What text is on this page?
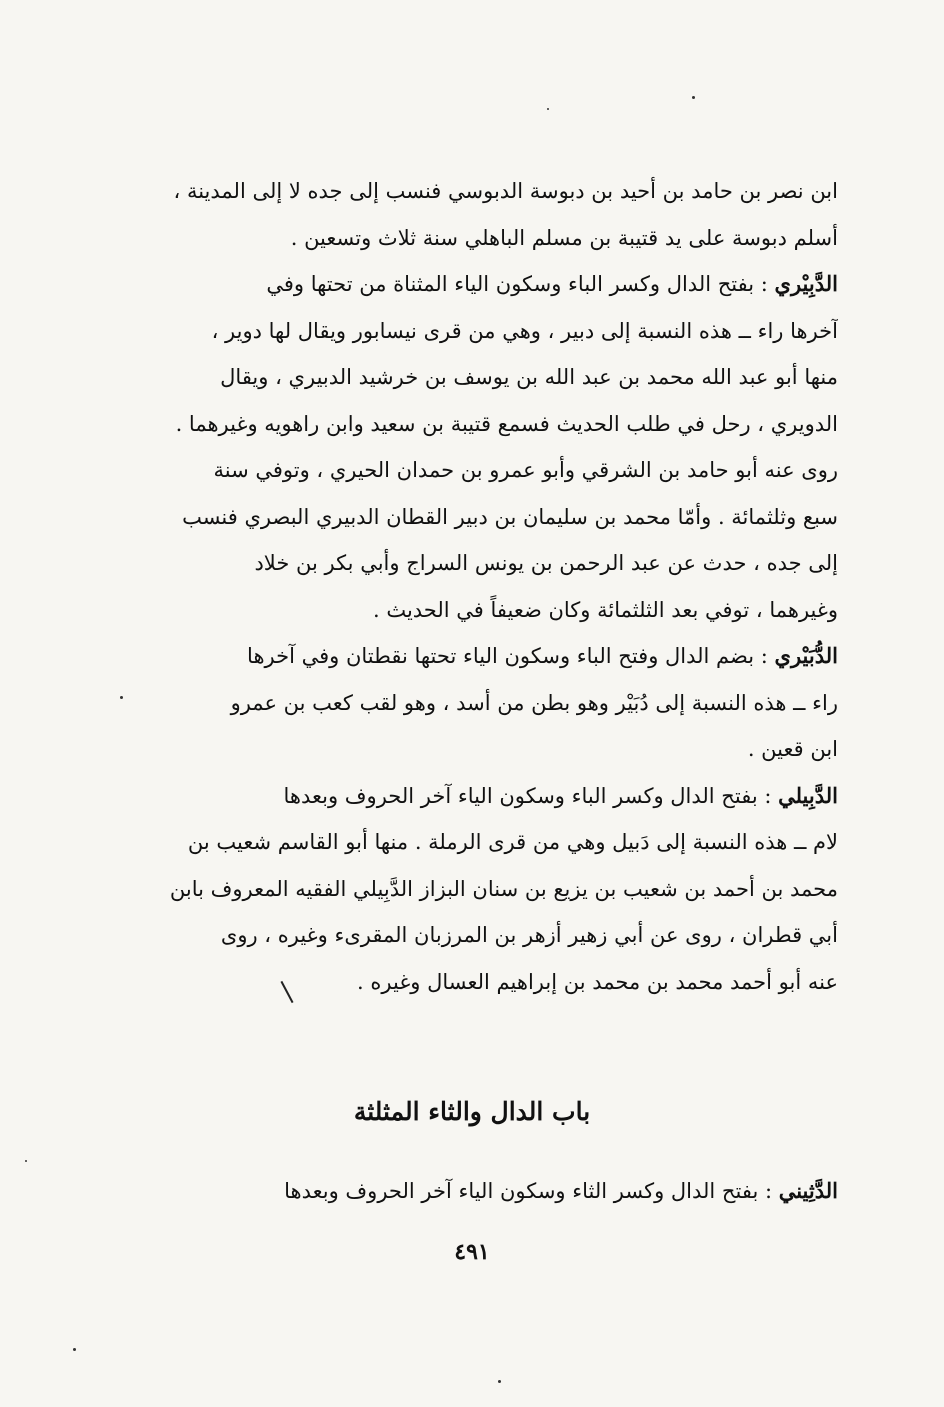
ابن نصر بن حامد بن أحيد بن دبوسة الدبوسي فنسب إلى جده لا إلى المدينة ،
أسلم دبوسة على يد قتيبة بن مسلم الباهلي سنة ثلاث وتسعين .
الدَّبِيْري : بفتح الدال وكسر الباء وسكون الياء المثناة من تحتها وفي
آخرها راء ــ هذه النسبة إلى دبير ، وهي من قرى نيسابور ويقال لها دوير ،
منها أبو عبد الله محمد بن عبد الله بن يوسف بن خرشيد الدبيري ، ويقال
الدويري ، رحل في طلب الحديث فسمع قتيبة بن سعيد وابن راهويه وغيرهما .
روى عنه أبو حامد بن الشرقي وأبو عمرو بن حمدان الحيري ، وتوفي سنة
سبع وثلثمائة . وأمّا محمد بن سليمان بن دبير القطان الدبيري البصري فنسب
إلى جده ، حدث عن عبد الرحمن بن يونس السراج وأبي بكر بن خلاد
وغيرهما ، توفي بعد الثلثمائة وكان ضعيفاً في الحديث .
الدُّبَيْري : بضم الدال وفتح الباء وسكون الياء تحتها نقطتان وفي آخرها
راء ــ هذه النسبة إلى دُبَيْر وهو بطن من أسد ، وهو لقب كعب بن عمرو
ابن قعين .
الدَّبِيلي : بفتح الدال وكسر الباء وسكون الياء آخر الحروف وبعدها
لام ــ هذه النسبة إلى دَبيل وهي من قرى الرملة . منها أبو القاسم شعيب بن
محمد بن أحمد بن شعيب بن يزيع بن سنان البزاز الدَّبِيلي الفقيه المعروف بابن
أبي قطران ، روى عن أبي زهير أزهر بن المرزبان المقرىء وغيره ، روى
عنه أبو أحمد محمد بن محمد بن إبراهيم العسال وغيره .
باب الدال والثاء المثلثة
الدَّثِيني : بفتح الدال وكسر الثاء وسكون الياء آخر الحروف وبعدها
٤٩١
